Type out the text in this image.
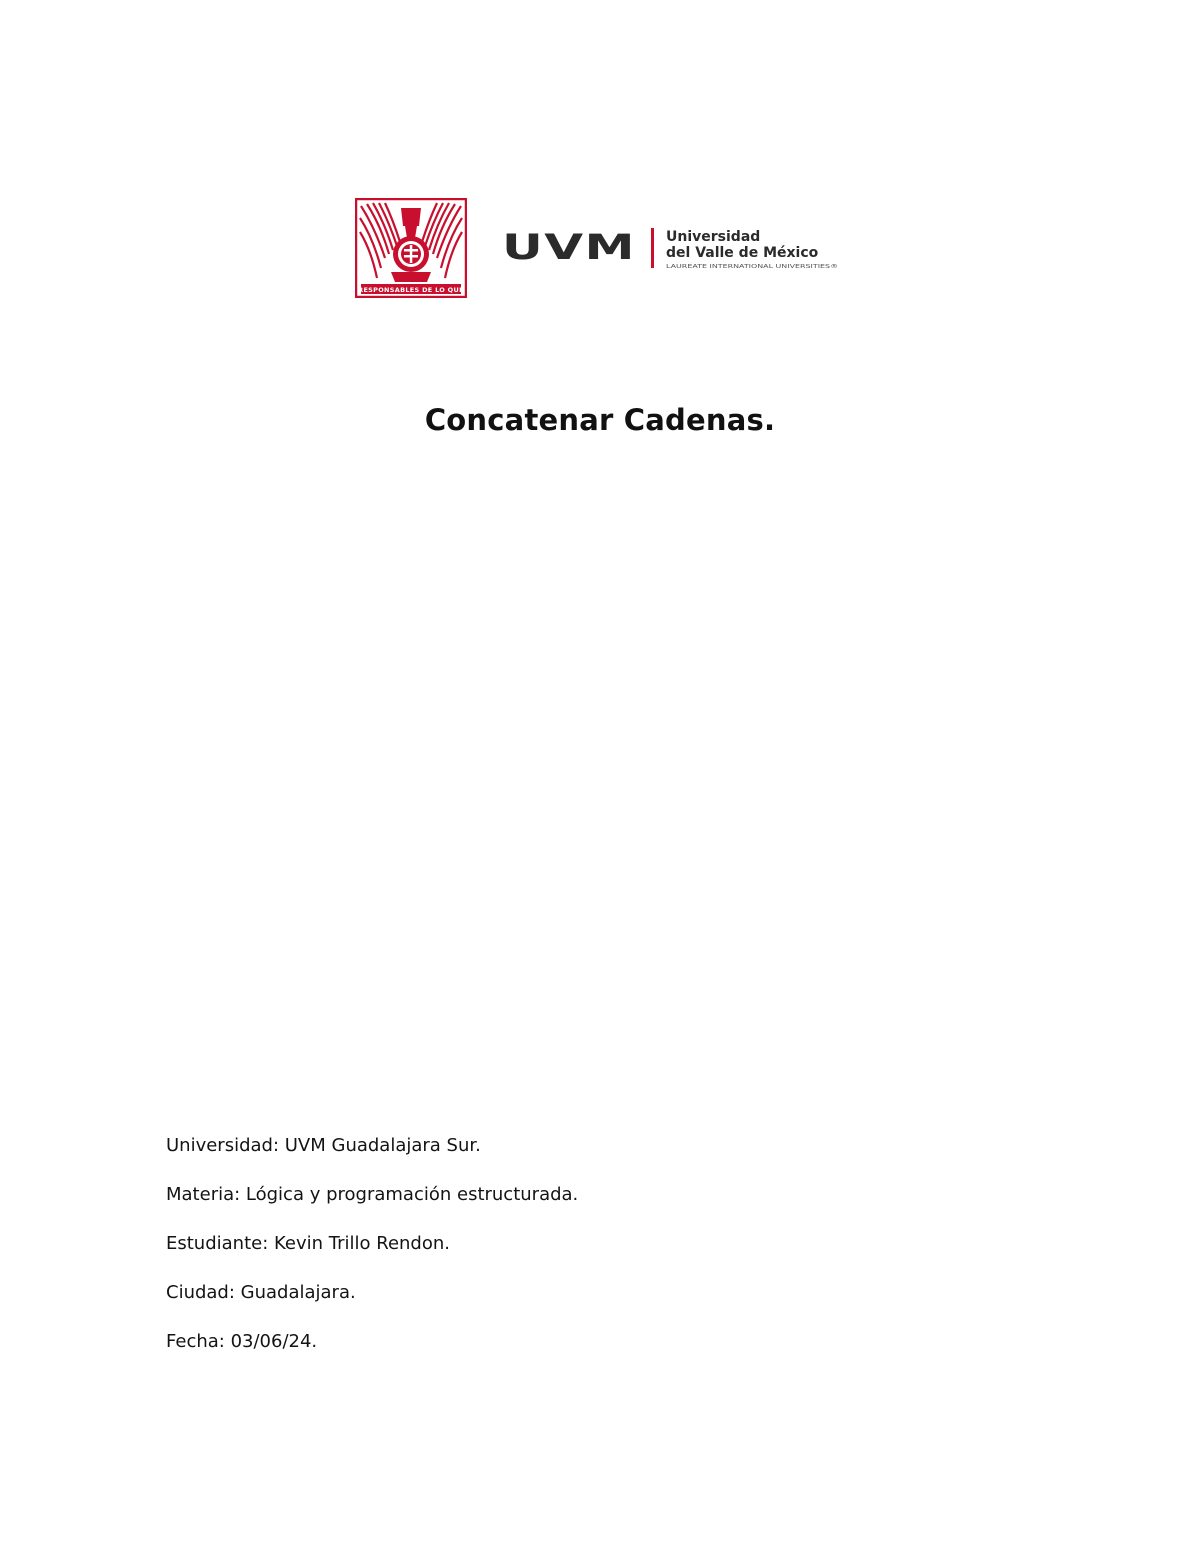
RESPONSABLES DE LO QUE
UVM Universidad
del Valle de México
LAUREATE INTERNATIONAL UNIVERSITIES®
Concatenar Cadenas.
Universidad: UVM Guadalajara Sur.
Materia: Lógica y programación estructurada.
Estudiante: Kevin Trillo Rendon.
Ciudad: Guadalajara.
Fecha: 03/06/24.
